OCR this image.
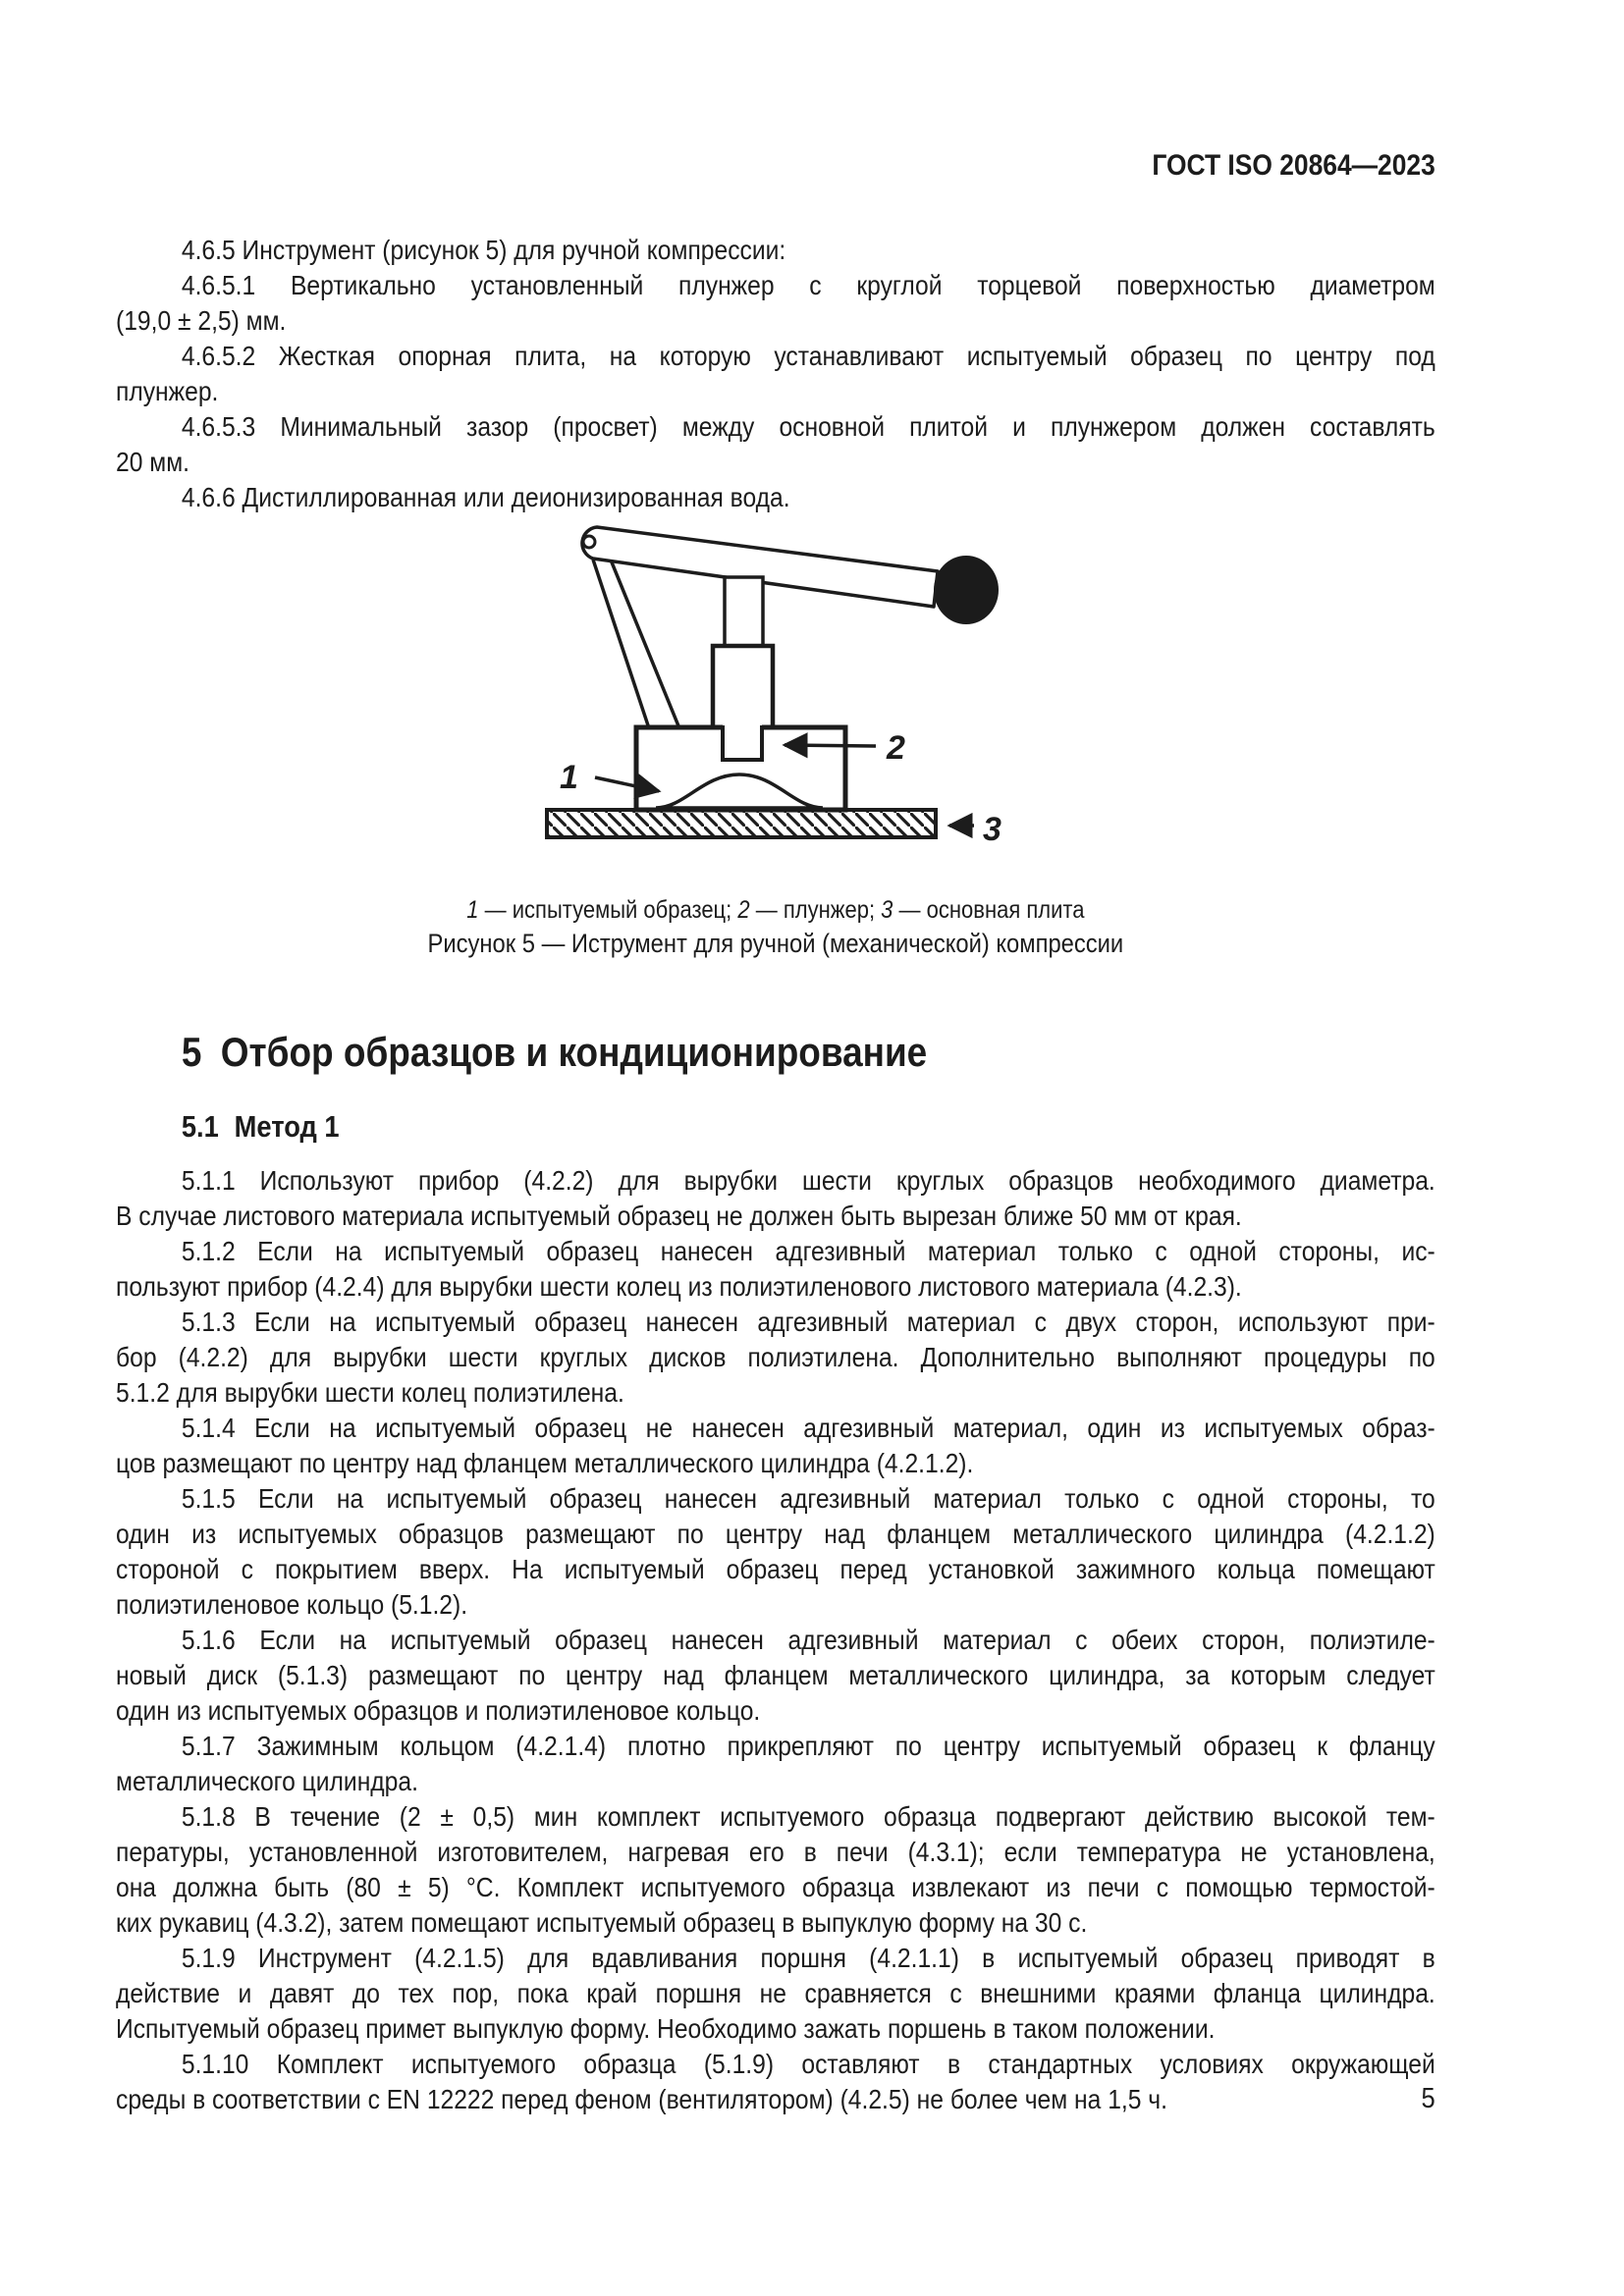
ГОСТ ISO 20864—2023
4.6.5 Инструмент (рисунок 5) для ручной компрессии:
4.6.5.1 Вертикально установленный плунжер с круглой торцевой поверхностью диаметром
(19,0 ± 2,5) мм.
4.6.5.2 Жесткая опорная плита, на которую устанавливают испытуемый образец по центру под
плунжер.
4.6.5.3 Минимальный зазор (просвет) между основной плитой и плунжером должен составлять
20 мм.
4.6.6 Дистиллированная или деионизированная вода.
1
2
3
1 — испытуемый образец; 2 — плунжер; 3 — основная плита
Рисунок 5 — Иструмент для ручной (механической) компрессии
5 Отбор образцов и кондиционирование
5.1 Метод 1
5.1.1 Используют прибор (4.2.2) для вырубки шести круглых образцов необходимого диаметра.
В случае листового материала испытуемый образец не должен быть вырезан ближе 50 мм от края.
5.1.2 Если на испытуемый образец нанесен адгезивный материал только с одной стороны, ис-
пользуют прибор (4.2.4) для вырубки шести колец из полиэтиленового листового материала (4.2.3).
5.1.3 Если на испытуемый образец нанесен адгезивный материал с двух сторон, используют при-
бор (4.2.2) для вырубки шести круглых дисков полиэтилена. Дополнительно выполняют процедуры по
5.1.2 для вырубки шести колец полиэтилена.
5.1.4 Если на испытуемый образец не нанесен адгезивный материал, один из испытуемых образ-
цов размещают по центру над фланцем металлического цилиндра (4.2.1.2).
5.1.5 Если на испытуемый образец нанесен адгезивный материал только с одной стороны, то
один из испытуемых образцов размещают по центру над фланцем металлического цилиндра (4.2.1.2)
стороной с покрытием вверх. На испытуемый образец перед установкой зажимного кольца помещают
полиэтиленовое кольцо (5.1.2).
5.1.6 Если на испытуемый образец нанесен адгезивный материал с обеих сторон, полиэтиле-
новый диск (5.1.3) размещают по центру над фланцем металлического цилиндра, за которым следует
один из испытуемых образцов и полиэтиленовое кольцо.
5.1.7 Зажимным кольцом (4.2.1.4) плотно прикрепляют по центру испытуемый образец к фланцу
металлического цилиндра.
5.1.8 В течение (2 ± 0,5) мин комплект испытуемого образца подвергают действию высокой тем-
пературы, установленной изготовителем, нагревая его в печи (4.3.1); если температура не установлена,
она должна быть (80 ± 5) °C. Комплект испытуемого образца извлекают из печи с помощью термостой-
ких рукавиц (4.3.2), затем помещают испытуемый образец в выпуклую форму на 30 с.
5.1.9 Инструмент (4.2.1.5) для вдавливания поршня (4.2.1.1) в испытуемый образец приводят в
действие и давят до тех пор, пока край поршня не сравняется с внешними краями фланца цилиндра.
Испытуемый образец примет выпуклую форму. Необходимо зажать поршень в таком положении.
5.1.10 Комплект испытуемого образца (5.1.9) оставляют в стандартных условиях окружающей
среды в соответствии с EN 12222 перед феном (вентилятором) (4.2.5) не более чем на 1,5 ч.	5
